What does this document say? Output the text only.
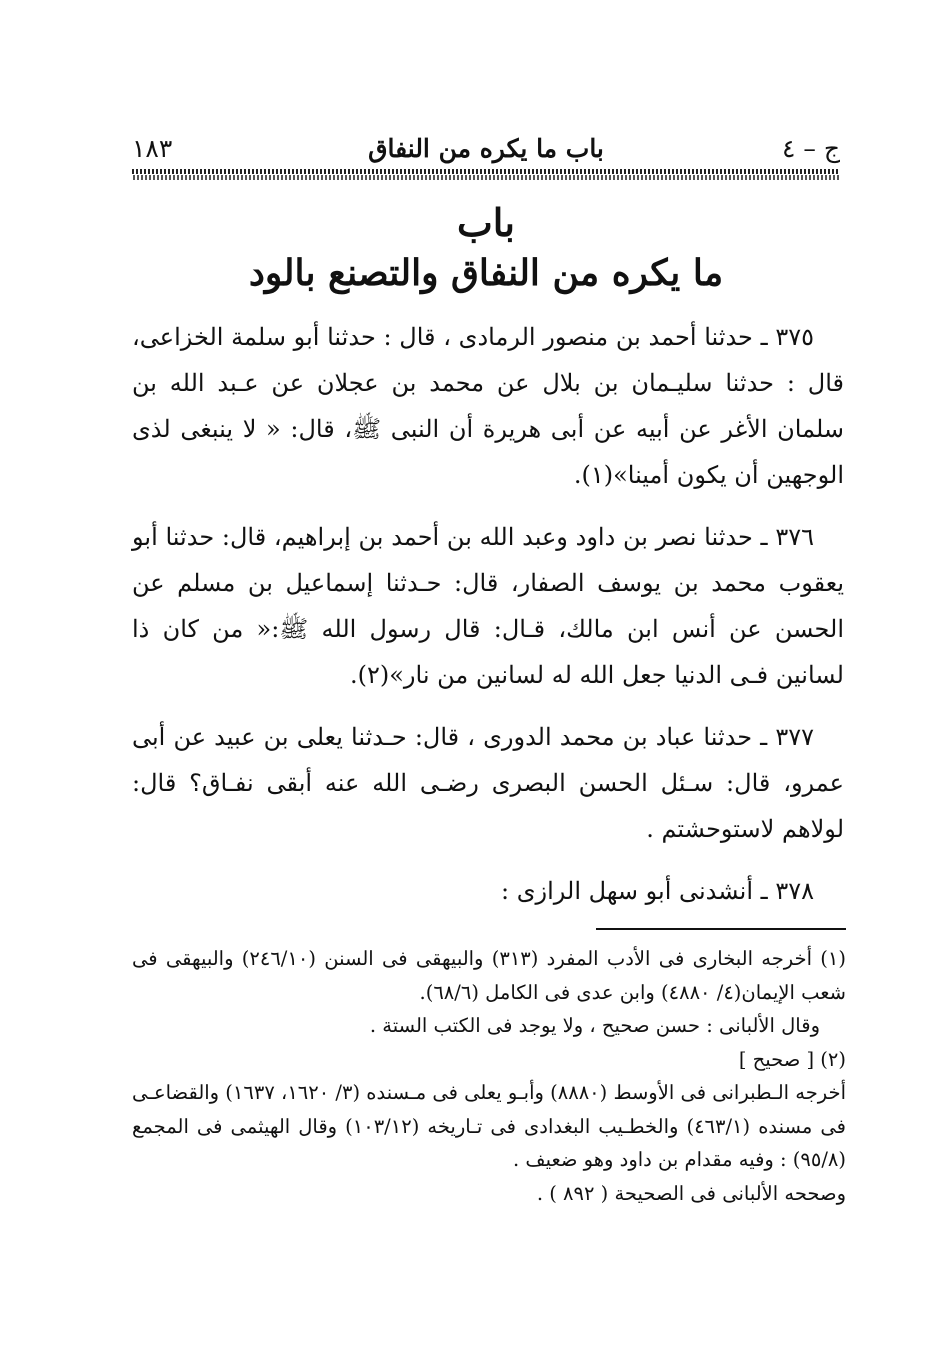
ج – ٤
باب ما يكره من النفاق
١٨٣
باب
ما يكره من النفاق والتصنع بالود

٣٧٥ ـ حدثنا أحمد بن منصور الرمادى ، قال : حدثنا أبو سلمة الخزاعى، قال : حدثنا سليـمان بن بلال عن محمد بن عجلان عن عـبد الله بن سلمان الأغر عن أبيه عن أبى هريرة أن النبى ﷺ، قال: « لا ينبغى لذى الوجهين أن يكون أمينا»(١).

٣٧٦ ـ حدثنا نصر بن داود وعبد الله بن أحمد بن إبراهيم، قال: حدثنا أبو يعقوب محمد بن يوسف الصفار، قال: حـدثنا إسماعيل بن مسلم عن الحسن عن أنس ابن مالك، قـال: قال رسول الله ﷺ:« من كان ذا لسانين فـى الدنيا جعل الله له لسانين من نار»(٢).

٣٧٧ ـ حدثنا عباد بن محمد الدورى ، قال: حـدثنا يعلى بن عبيد عن أبى عمرو، قال: سـئل الحسن البصرى رضـى الله عنه أبقى نفـاق؟ قال: لولاهم لاستوحشتم .

٣٧٨ ـ أنشدنى أبو سهل الرازى :

(١) أخرجه البخارى فى الأدب المفرد (٣١٣) والبيهقى فى السنن (٢٤٦/١٠) والبيهقى فى شعب الإيمان(٤/ ٤٨٨٠) وابن عدى فى الكامل (٦٨/٦).

وقال الألبانى : حسن صحيح ، ولا يوجد فى الكتب الستة .

(٢) [ صحيح ]

أخرجه الـطبرانى فى الأوسط (٨٨٨٠) وأبـو يعلى فى مـسنده (٣/ ١٦٢٠، ١٦٣٧) والقضاعـى فى مسنده (٤٦٣/١) والخطـيب البغدادى فى تـاريخه (١٠٣/١٢) وقال الهيثمى فى المجمع (٩٥/٨) : وفيه مقدام بن داود وهو ضعيف .

وصححه الألبانى فى الصحيحة ( ٨٩٢ ) .
